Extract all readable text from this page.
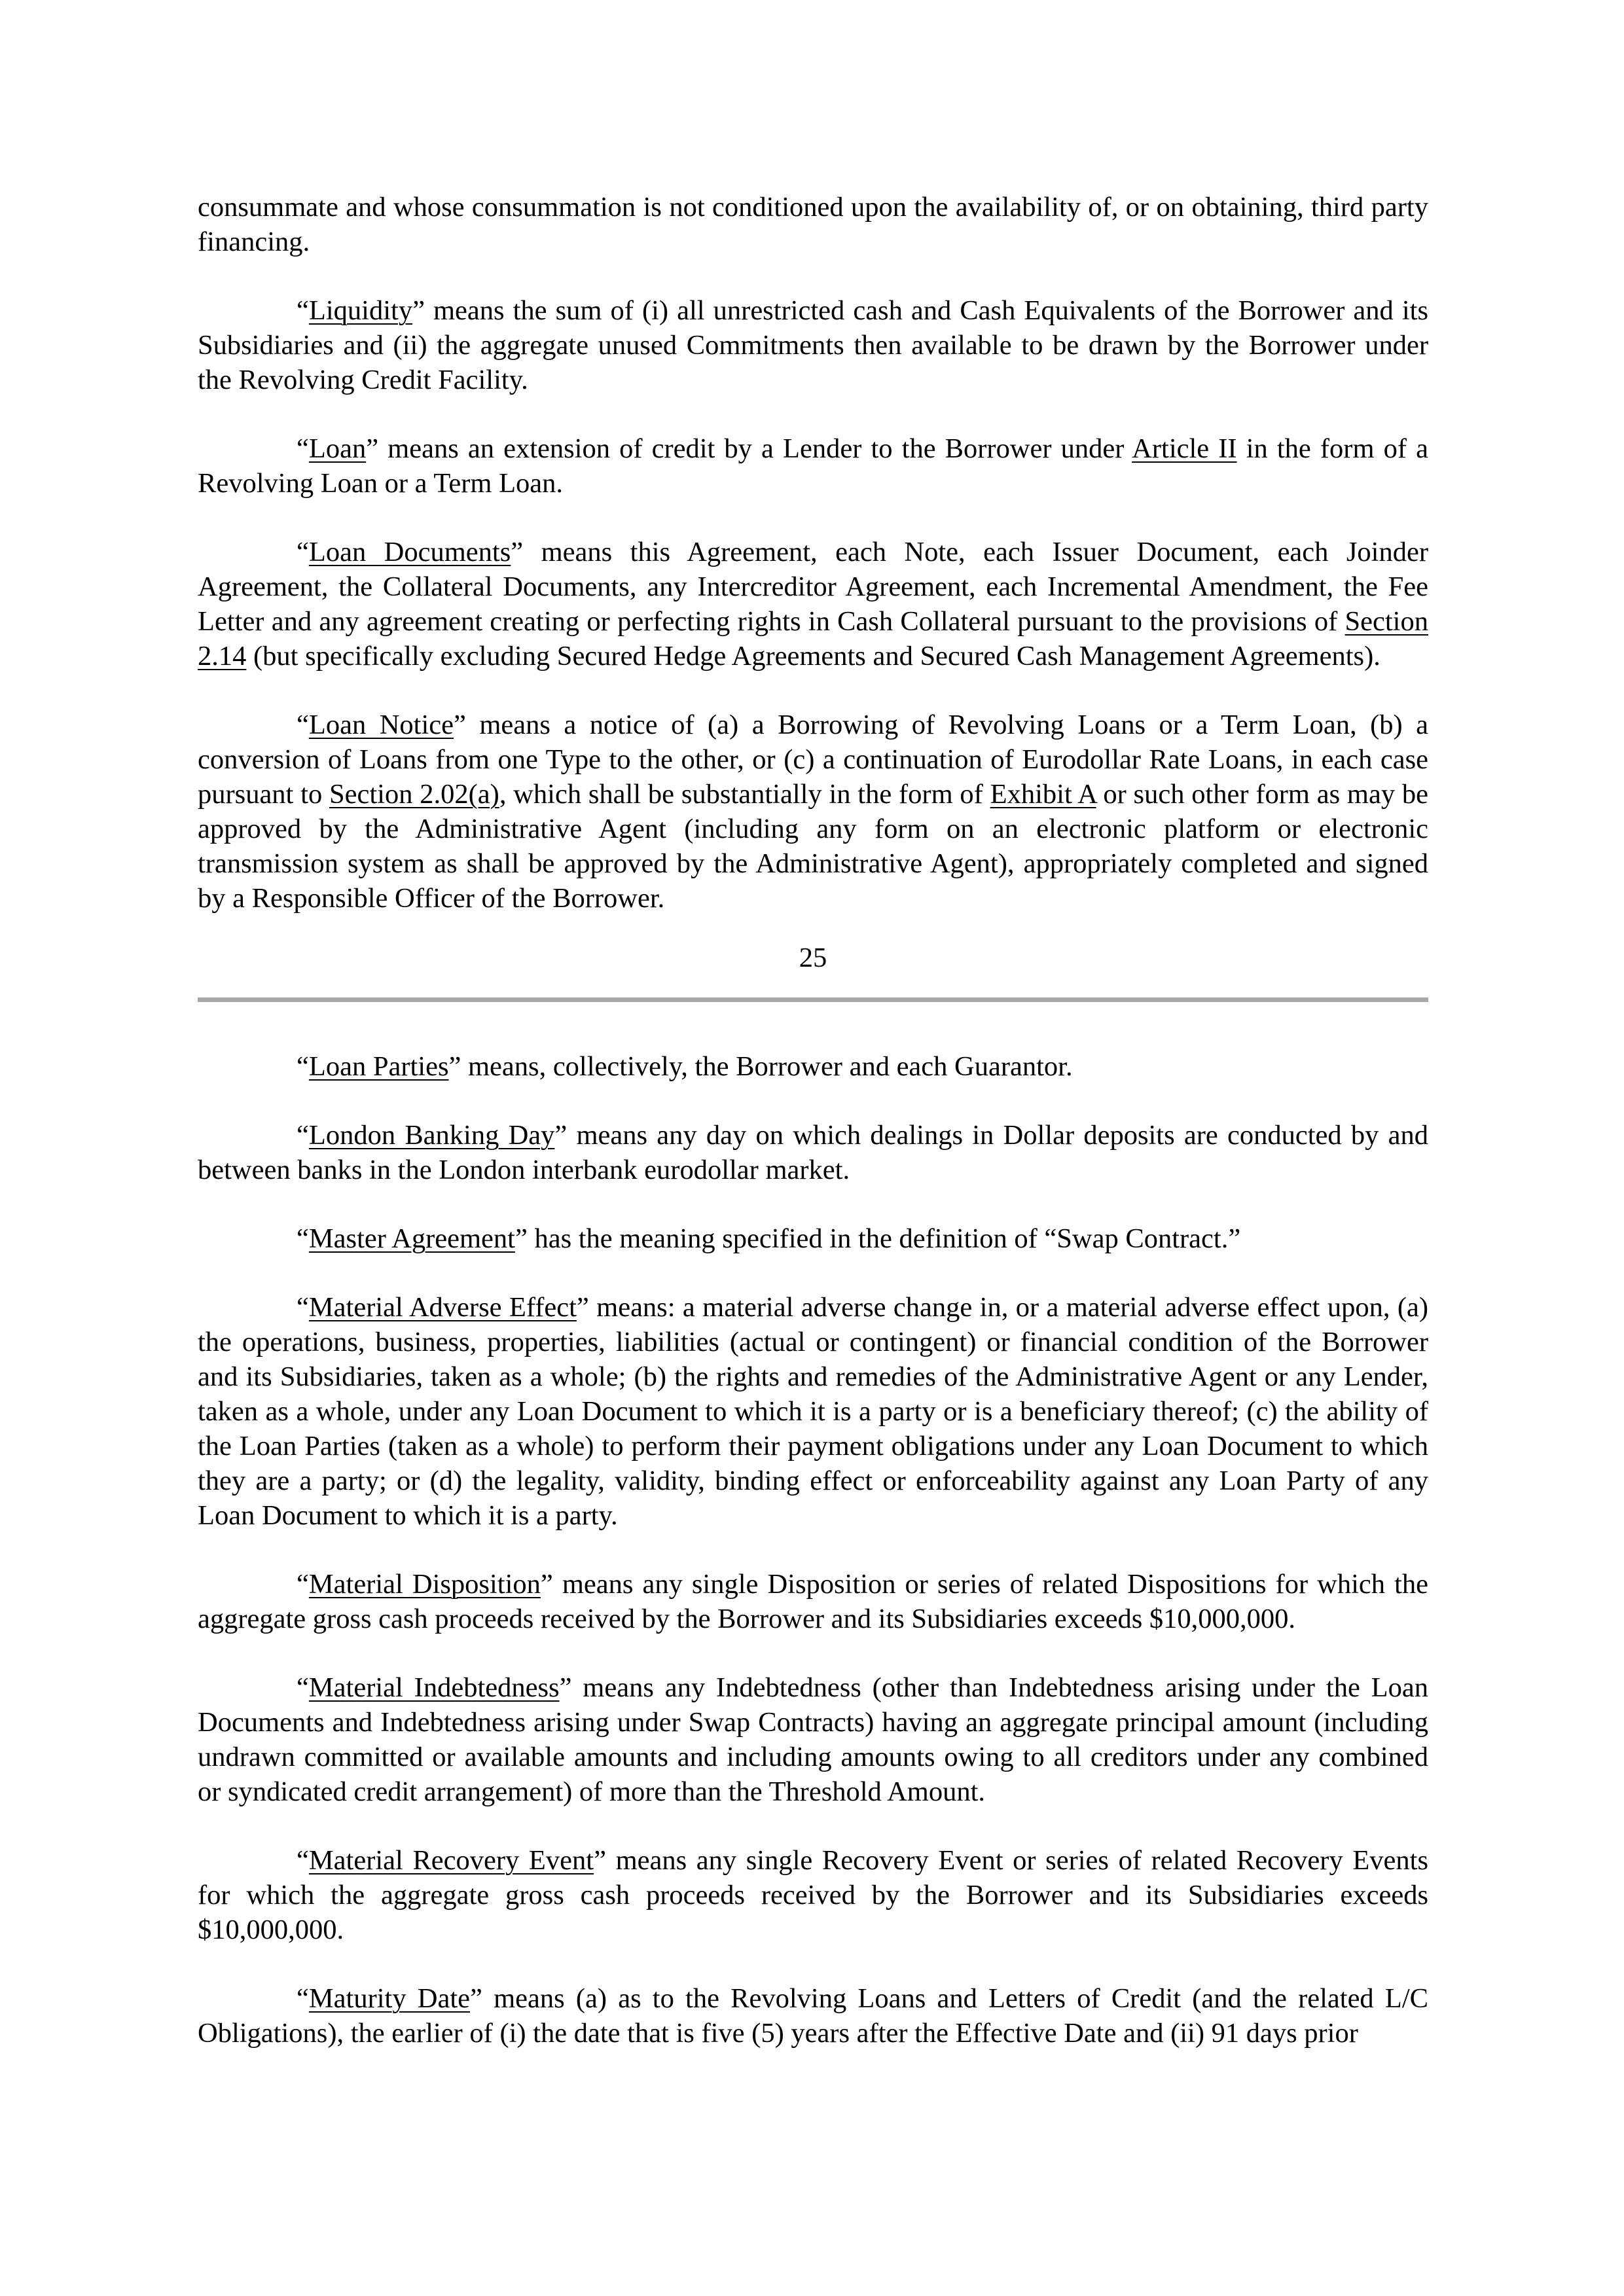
consummate and whose consummation is not conditioned upon the availability of, or on obtaining, third party financing.

“Liquidity” means the sum of (i) all unrestricted cash and Cash Equivalents of the Borrower and its Subsidiaries and (ii) the aggregate unused Commitments then available to be drawn by the Borrower under the Revolving Credit Facility.

“Loan” means an extension of credit by a Lender to the Borrower under Article II in the form of a Revolving Loan or a Term Loan.

“Loan Documents” means this Agreement, each Note, each Issuer Document, each Joinder Agreement, the Collateral Documents, any Intercreditor Agreement, each Incremental Amendment, the Fee Letter and any agreement creating or perfecting rights in Cash Collateral pursuant to the provisions of Section 2.14 (but specifically excluding Secured Hedge Agreements and Secured Cash Management Agreements).

“Loan Notice” means a notice of (a) a Borrowing of Revolving Loans or a Term Loan, (b) a conversion of Loans from one Type to the other, or (c) a continuation of Eurodollar Rate Loans, in each case pursuant to Section 2.02(a), which shall be substantially in the form of Exhibit A or such other form as may be approved by the Administrative Agent (including any form on an electronic platform or electronic transmission system as shall be approved by the Administrative Agent), appropriately completed and signed by a Responsible Officer of the Borrower.

25

“Loan Parties” means, collectively, the Borrower and each Guarantor.

“London Banking Day” means any day on which dealings in Dollar deposits are conducted by and between banks in the London interbank eurodollar market.

“Master Agreement” has the meaning specified in the definition of “Swap Contract.”

“Material Adverse Effect” means: a material adverse change in, or a material adverse effect upon, (a) the operations, business, properties, liabilities (actual or contingent) or financial condition of the Borrower and its Subsidiaries, taken as a whole; (b) the rights and remedies of the Administrative Agent or any Lender, taken as a whole, under any Loan Document to which it is a party or is a beneficiary thereof; (c) the ability of the Loan Parties (taken as a whole) to perform their payment obligations under any Loan Document to which they are a party; or (d) the legality, validity, binding effect or enforceability against any Loan Party of any Loan Document to which it is a party.

“Material Disposition” means any single Disposition or series of related Dispositions for which the aggregate gross cash proceeds received by the Borrower and its Subsidiaries exceeds $10,000,000.

“Material Indebtedness” means any Indebtedness (other than Indebtedness arising under the Loan Documents and Indebtedness arising under Swap Contracts) having an aggregate principal amount (including undrawn committed or available amounts and including amounts owing to all creditors under any combined or syndicated credit arrangement) of more than the Threshold Amount.

“Material Recovery Event” means any single Recovery Event or series of related Recovery Events for which the aggregate gross cash proceeds received by the Borrower and its Subsidiaries exceeds $10,000,000.

“Maturity Date” means (a) as to the Revolving Loans and Letters of Credit (and the related L/C Obligations), the earlier of (i) the date that is five (5) years after the Effective Date and (ii) 91 days prior
